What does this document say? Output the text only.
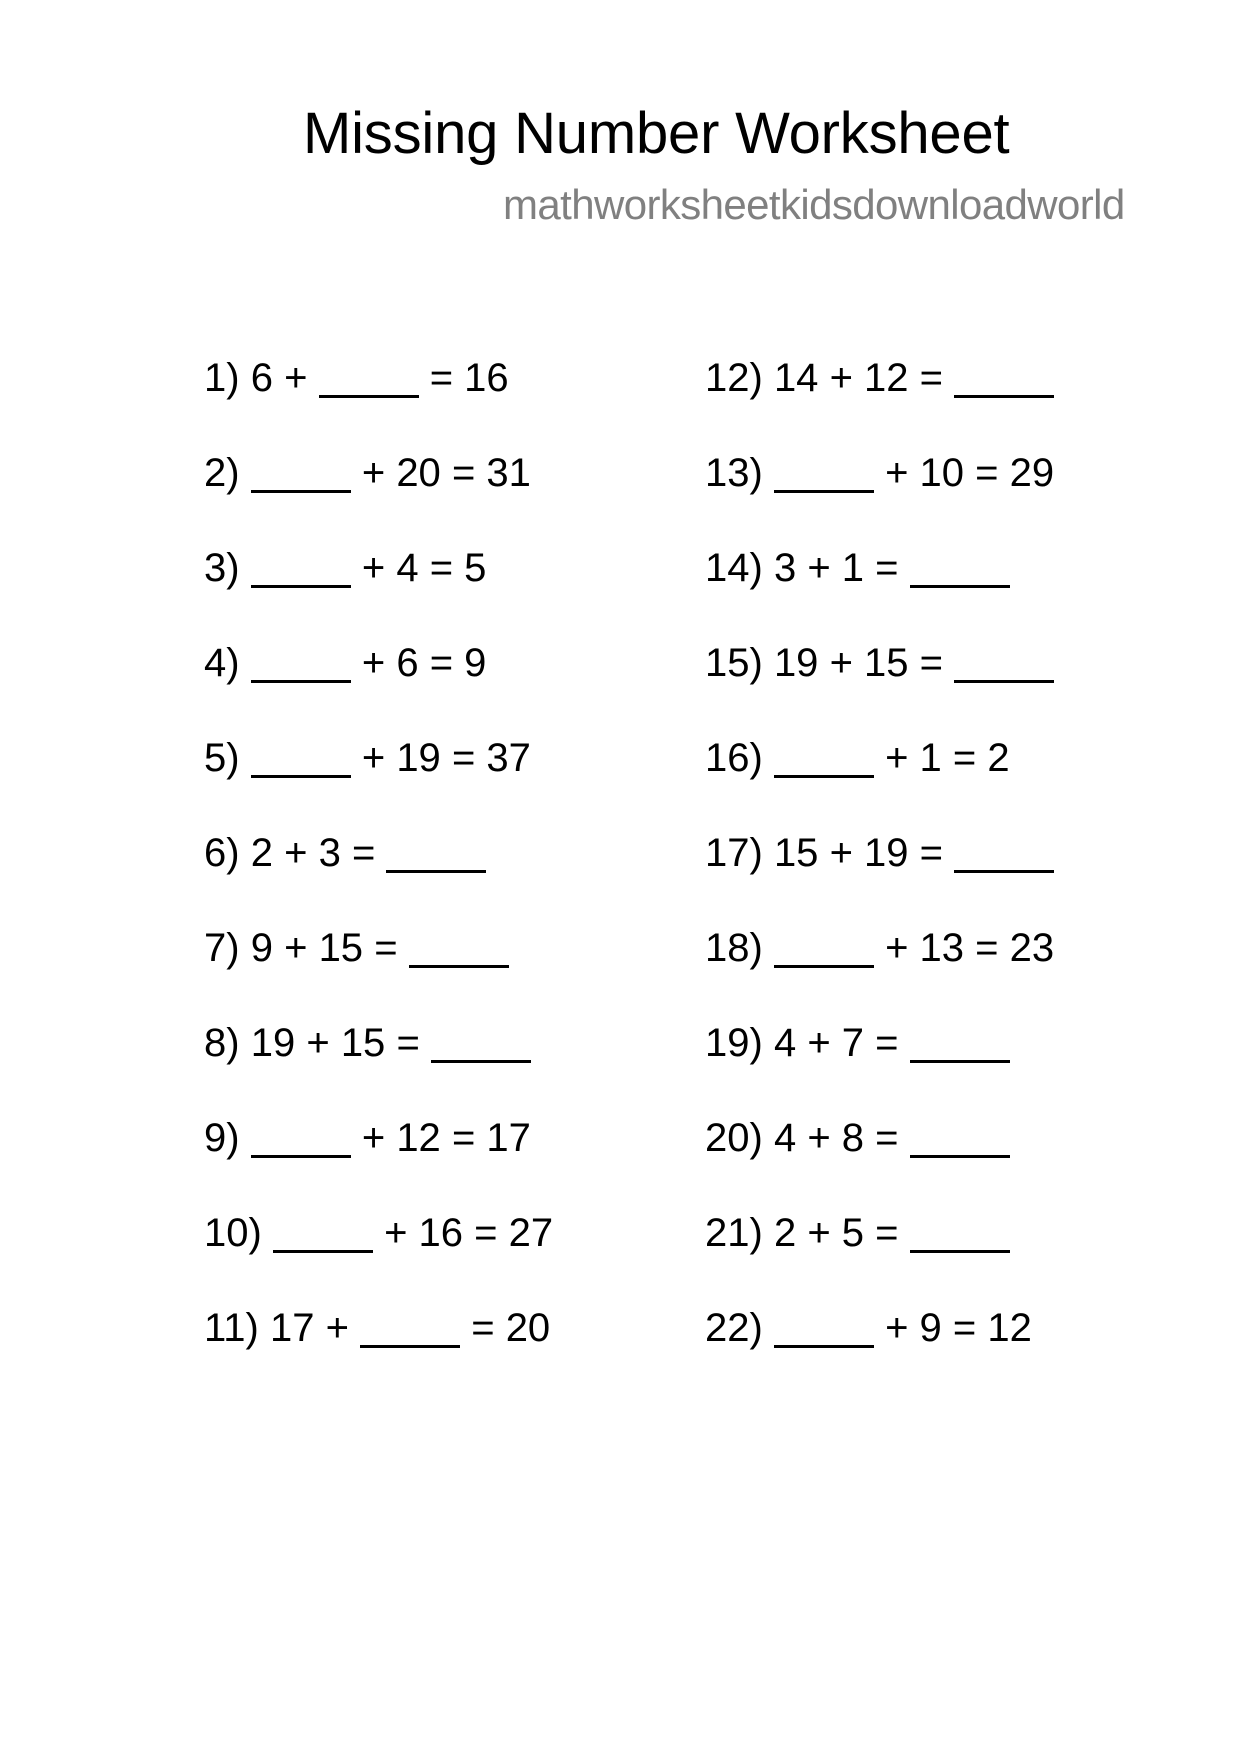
Missing Number Worksheet
mathworksheetkidsdownloadworld
1) 6 +	= 16
2)	+ 20 = 31
3)	+ 4 = 5
4)	+ 6 = 9
5)	+ 19 = 37
6) 2 + 3 =
7) 9 + 15 =
8) 19 + 15 =
9)	+ 12 = 17
10)	+ 16 = 27
11) 17 +	= 20
12) 14 + 12 =
13)	+ 10 = 29
14) 3 + 1 =
15) 19 + 15 =
16)	+ 1 = 2
17) 15 + 19 =
18)	+ 13 = 23
19) 4 + 7 =
20) 4 + 8 =
21) 2 + 5 =
22)	+ 9 = 12
